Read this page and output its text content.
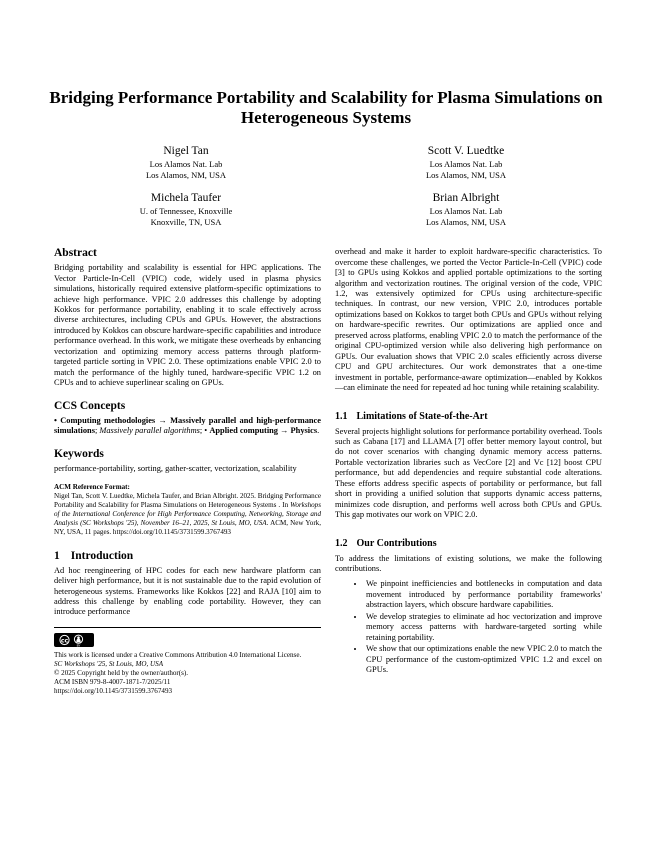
Bridging Performance Portability and Scalability for Plasma Simulations on Heterogeneous Systems
Nigel Tan
Los Alamos Nat. Lab
Los Alamos, NM, USA
Scott V. Luedtke
Los Alamos Nat. Lab
Los Alamos, NM, USA
Michela Taufer
U. of Tennessee, Knoxville
Knoxville, TN, USA
Brian Albright
Los Alamos Nat. Lab
Los Alamos, NM, USA
Abstract

Bridging portability and scalability is essential for HPC applications. The Vector Particle-In-Cell (VPIC) code, widely used in plasma physics simulations, historically required extensive platform-specific optimizations to achieve high performance. VPIC 2.0 addresses this challenge by adopting Kokkos for performance portability, enabling it to scale effectively across diverse architectures, including CPUs and GPUs. However, the abstractions introduced by Kokkos can obscure hardware-specific capabilities and introduce performance overhead. In this work, we mitigate these overheads by enhancing vectorization and optimizing memory access patterns through platform-targeted particle sorting in VPIC 2.0. These optimizations enable VPIC 2.0 to match the performance of the highly tuned, hardware-specific VPIC 1.2 on CPUs and to achieve superlinear scaling on GPUs.

CCS Concepts

• Computing methodologies → Massively parallel and high-performance simulations; Massively parallel algorithms; • Applied computing → Physics.

Keywords

performance-portability, sorting, gather-scatter, vectorization, scalability

ACM Reference Format:

Nigel Tan, Scott V. Luedtke, Michela Taufer, and Brian Albright. 2025. Bridging Performance Portability and Scalability for Plasma Simulations on Heterogeneous Systems . In Workshops of the International Conference for High Performance Computing, Networking, Storage and Analysis (SC Workshops '25), November 16–21, 2025, St Louis, MO, USA. ACM, New York, NY, USA, 11 pages. https://doi.org/10.1145/3731599.3767493

1 Introduction

Ad hoc reengineering of HPC codes for each new hardware platform can deliver high performance, but it is not sustainable due to the rapid evolution of heterogeneous systems. Frameworks like Kokkos [22] and RAJA [10] aim to address this challenge by enabling code portability. However, they can introduce performance

cc
BY

This work is licensed under a Creative Commons Attribution 4.0 International License.

SC Workshops '25, St Louis, MO, USA

© 2025 Copyright held by the owner/author(s).

ACM ISBN 979-8-4007-1871-7/2025/11

https://doi.org/10.1145/3731599.3767493

overhead and make it harder to exploit hardware-specific characteristics. To overcome these challenges, we ported the Vector Particle-In-Cell (VPIC) code [3] to GPUs using Kokkos and applied portable optimizations to the sorting algorithm and vectorization routines. The original version of the code, VPIC 1.2, was extensively optimized for CPUs using architecture-specific techniques. In contrast, our new version, VPIC 2.0, introduces portable optimizations based on Kokkos to target both CPUs and GPUs without relying on hardware-specific rewrites. Our optimizations are applied once and preserved across platforms, enabling VPIC 2.0 to match the performance of the original CPU-optimized version while also delivering high performance on GPUs. Our evaluation shows that VPIC 2.0 scales efficiently across diverse CPU and GPU architectures. Our work demonstrates that a one-time investment in portable, performance-aware optimization—enabled by Kokkos—can eliminate the need for repeated ad hoc tuning while retaining scalability.

1.1 Limitations of State-of-the-Art

Several projects highlight solutions for performance portability overhead. Tools such as Cabana [17] and LLAMA [7] offer better memory layout control, but do not cover scenarios with changing dynamic memory access patterns. Portable vectorization libraries such as VecCore [2] and Vc [12] boost CPU performance, but add dependencies and require substantial code alterations. These efforts address specific aspects of portability or performance, but fall short in providing a unified solution that supports dynamic access patterns, minimizes code disruption, and performs well across both CPUs and GPUs. This gap motivates our work on VPIC 2.0.

1.2 Our Contributions

To address the limitations of existing solutions, we make the following contributions.

• We pinpoint inefficiencies and bottlenecks in computation and data movement introduced by performance portability frameworks' abstraction layers, which obscure hardware capabilities.
• We develop strategies to eliminate ad hoc vectorization and improve memory access patterns with hardware-targeted sorting while retaining portability.
• We show that our optimizations enable the new VPIC 2.0 to match the CPU performance of the custom-optimized VPIC 1.2 and excel on GPUs.
